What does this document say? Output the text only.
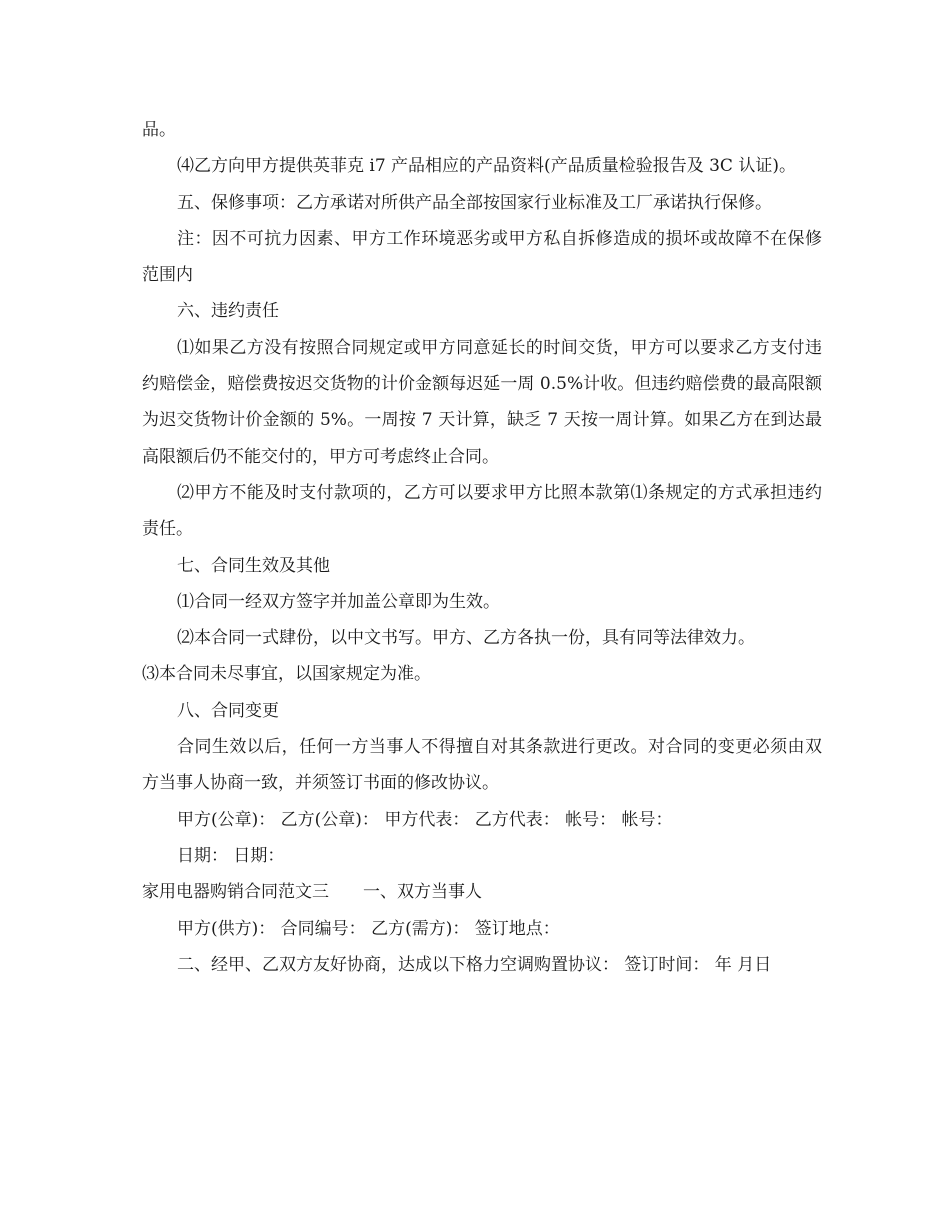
品。

⑷乙方向甲方提供英菲克 i7 产品相应的产品资料(产品质量检验报告及 3C 认证)。

五、保修事项：乙方承诺对所供产品全部按国家行业标准及工厂承诺执行保修。

注：因不可抗力因素、甲方工作环境恶劣或甲方私自拆修造成的损坏或故障不在保修范围内

六、违约责任

⑴如果乙方没有按照合同规定或甲方同意延长的时间交货，甲方可以要求乙方支付违约赔偿金，赔偿费按迟交货物的计价金额每迟延一周 0.5%计收。但违约赔偿费的最高限额为迟交货物计价金额的 5%。一周按 7 天计算，缺乏 7 天按一周计算。如果乙方在到达最高限额后仍不能交付的，甲方可考虑终止合同。

⑵甲方不能及时支付款项的，乙方可以要求甲方比照本款第⑴条规定的方式承担违约责任。

七、合同生效及其他

⑴合同一经双方签字并加盖公章即为生效。

⑵本合同一式肆份，以中文书写。甲方、乙方各执一份，具有同等法律效力。

⑶本合同未尽事宜，以国家规定为准。

八、合同变更

合同生效以后，任何一方当事人不得擅自对其条款进行更改。对合同的变更必须由双方当事人协商一致，并须签订书面的修改协议。

甲方(公章)： 乙方(公章)： 甲方代表： 乙方代表： 帐号： 帐号：

日期： 日期：

家用电器购销合同范文三 一、双方当事人

甲方(供方)： 合同编号： 乙方(需方)： 签订地点：

二、经甲、乙双方友好协商，达成以下格力空调购置协议： 签订时间： 年 月日
